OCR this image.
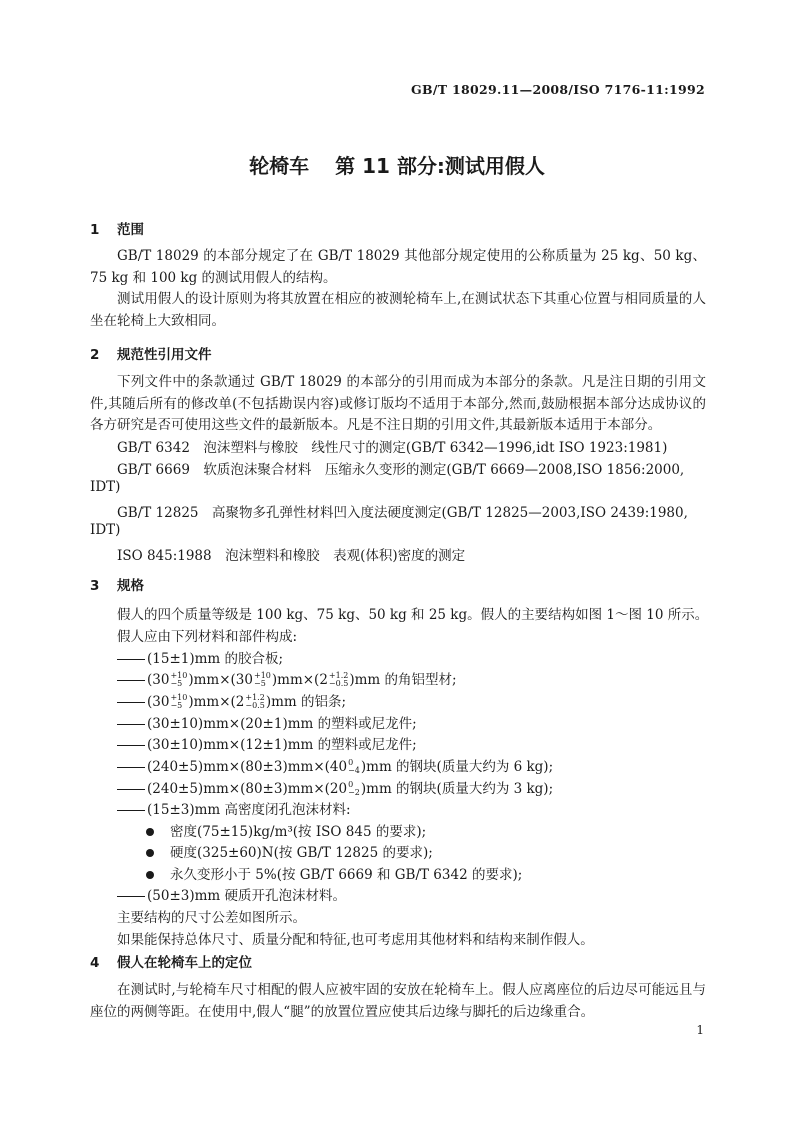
GB/T 18029.11—2008/ISO 7176-11:1992
轮椅车 第 11 部分:测试用假人
1 范围
GB/T 18029 的本部分规定了在 GB/T 18029 其他部分规定使用的公称质量为 25 kg、50 kg、75 kg 和 100 kg 的测试用假人的结构。
测试用假人的设计原则为将其放置在相应的被测轮椅车上,在测试状态下其重心位置与相同质量的人坐在轮椅上大致相同。
2 规范性引用文件
下列文件中的条款通过 GB/T 18029 的本部分的引用而成为本部分的条款。凡是注日期的引用文件,其随后所有的修改单(不包括勘误内容)或修订版均不适用于本部分,然而,鼓励根据本部分达成协议的各方研究是否可使用这些文件的最新版本。凡是不注日期的引用文件,其最新版本适用于本部分。
GB/T 6342　泡沫塑料与橡胶　线性尺寸的测定(GB/T 6342—1996,idt ISO 1923:1981)
GB/T 6669　软质泡沫聚合材料　压缩永久变形的测定(GB/T 6669—2008,ISO 1856:2000,
IDT)
GB/T 12825　高聚物多孔弹性材料凹入度法硬度测定(GB/T 12825—2003,ISO 2439:1980,
IDT)
ISO 845:1988　泡沫塑料和橡胶　表观(体积)密度的测定
3 规格
假人的四个质量等级是 100 kg、75 kg、50 kg 和 25 kg。假人的主要结构如图 1～图 10 所示。
假人应由下列材料和部件构成:
(15±1)mm 的胶合板;
(30 +10
−5 )mm×(30 +10
−5 )mm×(2 +1.2
−0.5 )mm 的角铝型材;
(30 +10
−5 )mm×(2 +1.2
−0.5 )mm 的铝条;
(30±10)mm×(20±1)mm 的塑料或尼龙件;
(30±10)mm×(12±1)mm 的塑料或尼龙件;
(240±5)mm×(80±3)mm×(40 0
−4 )mm 的钢块(质量大约为 6 kg);
(240±5)mm×(80±3)mm×(20 0
−2 )mm 的钢块(质量大约为 3 kg);
(15±3)mm 高密度闭孔泡沫材料:
密度(75±15)kg/m³(按 ISO 845 的要求);
硬度(325±60)N(按 GB/T 12825 的要求);
永久变形小于 5%(按 GB/T 6669 和 GB/T 6342 的要求);
(50±3)mm 硬质开孔泡沫材料。
主要结构的尺寸公差如图所示。
如果能保持总体尺寸、质量分配和特征,也可考虑用其他材料和结构来制作假人。
4 假人在轮椅车上的定位
在测试时,与轮椅车尺寸相配的假人应被牢固的安放在轮椅车上。假人应离座位的后边尽可能远且与座位的两侧等距。在使用中,假人“腿”的放置位置应使其后边缘与脚托的后边缘重合。
1
